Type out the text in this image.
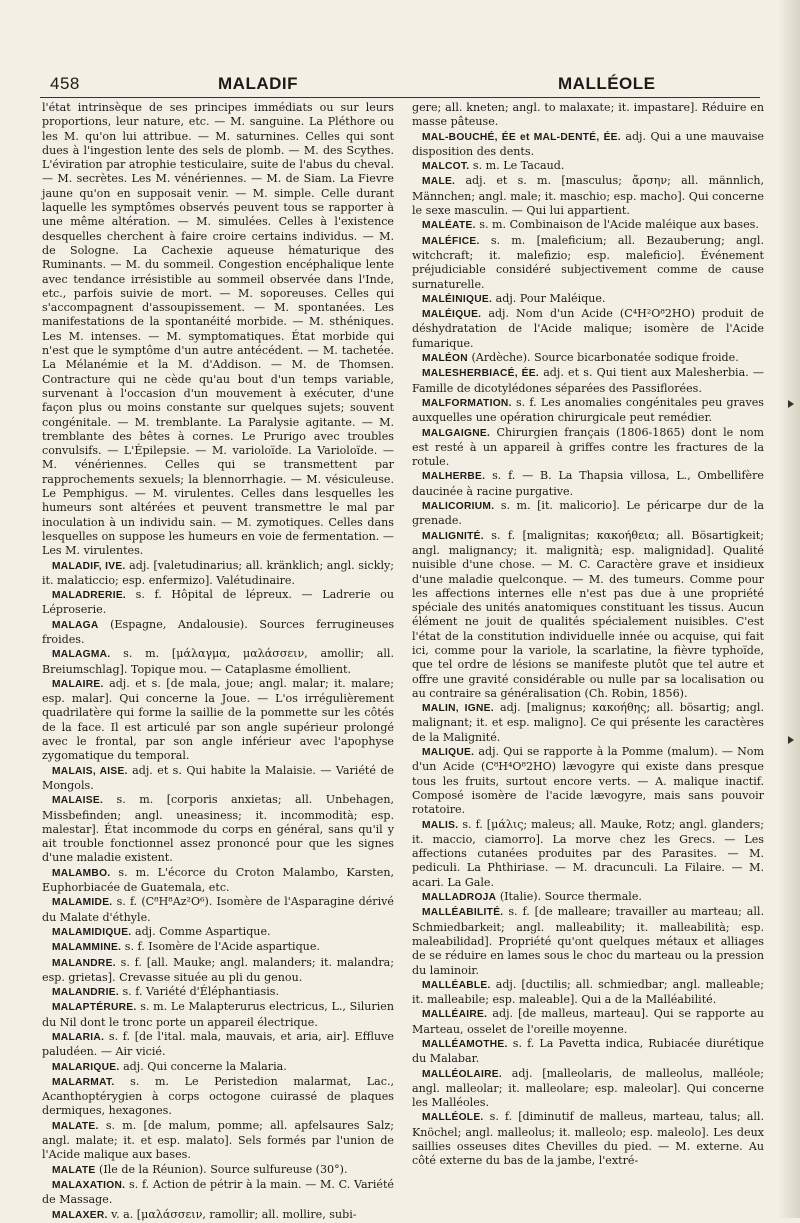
458	MALADIF	MALLÉOLE

l'état intrinsèque de ses principes immédiats ou sur leurs proportions, leur nature, etc. — M. sanguine. La Pléthore ou les M. qu'on lui attribue. — M. saturnines. Celles qui sont dues à l'ingestion lente des sels de plomb. — M. des Scythes. L'éviration par atrophie testiculaire, suite de l'abus du cheval. — M. secrètes. Les M. vénériennes. — M. de Siam. La Fievre jaune qu'on en supposait venir. — M. simple. Celle durant laquelle les symptômes observés peuvent tous se rapporter à une même altération. — M. simulées. Celles à l'existence desquelles cherchent à faire croire certains individus. — M. de Sologne. La Cachexie aqueuse hématurique des Ruminants. — M. du sommeil. Congestion encéphalique lente avec tendance irrésistible au sommeil observée dans l'Inde, etc., parfois suivie de mort. — M. soporeuses. Celles qui s'accompagnent d'assoupissement. — M. spontanées. Les manifestations de la spontanéité morbide. — M. sthéniques. Les M. intenses. — M. symptomatiques. État morbide qui n'est que le symptôme d'un autre antécédent. — M. tachetée. La Mélanémie et la M. d'Addison. — M. de Thomsen. Contracture qui ne cède qu'au bout d'un temps variable, survenant à l'occasion d'un mouvement à exécuter, d'une façon plus ou moins constante sur quelques sujets; souvent congénitale. — M. tremblante. La Paralysie agitante. — M. tremblante des bêtes à cornes. Le Prurigo avec troubles convulsifs. — L'Épilepsie. — M. varioloïde. La Varioloïde. — M. vénériennes. Celles qui se transmettent par rapprochements sexuels; la blennorrhagie. — M. vésiculeuse. Le Pemphigus. — M. virulentes. Celles dans lesquelles les humeurs sont altérées et peuvent transmettre le mal par inoculation à un individu sain. — M. zymotiques. Celles dans lesquelles on suppose les humeurs en voie de fermentation. — Les M. virulentes.

MALADIF, IVE. adj. [valetudinarius; all. kränklich; angl. sickly; it. malaticcio; esp. enfermizo]. Valétudinaire.

MALADRERIE. s. f. Hôpital de lépreux. — Ladrerie ou Léproserie.

MALAGA (Espagne, Andalousie). Sources ferrugineuses froides.

MALAGMA. s. m. [μάλαγμα, μαλάσσειν, amollir; all. Breiumschlag]. Topique mou. — Cataplasme émollient.

MALAIRE. adj. et s. [de mala, joue; angl. malar; it. malare; esp. malar]. Qui concerne la Joue. — L'os irrégulièrement quadrilatère qui forme la saillie de la pommette sur les côtés de la face. Il est articulé par son angle supérieur prolongé avec le frontal, par son angle inférieur avec l'apophyse zygomatique du temporal.

MALAIS, AISE. adj. et s. Qui habite la Malaisie. — Variété de Mongols.

MALAISE. s. m. [corporis anxietas; all. Unbehagen, Missbefinden; angl. uneasiness; it. incommodità; esp. malestar]. État incommode du corps en général, sans qu'il y ait trouble fonctionnel assez prononcé pour que les signes d'une maladie existent.

MALAMBO. s. m. L'écorce du Croton Malambo, Karsten, Euphorbiacée de Guatemala, etc.

MALAMIDE. s. f. (C⁸H⁸Az²O⁶). Isomère de l'Asparagine dérivé du Malate d'éthyle.

MALAMIDIQUE. adj. Comme Aspartique.

MALAMMINE. s. f. Isomère de l'Acide aspartique.

MALANDRE. s. f. [all. Mauke; angl. malanders; it. malandra; esp. grietas]. Crevasse située au pli du genou.

MALANDRIE. s. f. Variété d'Éléphantiasis.

MALAPTÉRURE. s. m. Le Malapterurus electricus, L., Silurien du Nil dont le tronc porte un appareil électrique.

MALARIA. s. f. [de l'ital. mala, mauvais, et aria, air]. Effluve paludéen. — Air vicié.

MALARIQUE. adj. Qui concerne la Malaria.

MALARMAT. s. m. Le Peristedion malarmat, Lac., Acanthoptérygien à corps octogone cuirassé de plaques dermiques, hexagones.

MALATE. s. m. [de malum, pomme; all. apfelsaures Salz; angl. malate; it. et esp. malato]. Sels formés par l'union de l'Acide malique aux bases.

MALATE (Ile de la Réunion). Source sulfureuse (30°).

MALAXATION. s. f. Action de pétrir à la main. — M. C. Variété de Massage.

MALAXER. v. a. [μαλάσσειν, ramollir; all. mollire, subi-

gere; all. kneten; angl. to malaxate; it. impastare]. Réduire en masse pâteuse.

MAL-BOUCHÉ, ÉE et MAL-DENTÉ, ÉE. adj. Qui a une mauvaise disposition des dents.

MALCOT. s. m. Le Tacaud.

MALE. adj. et s. m. [masculus; ἄρσην; all. männlich, Männchen; angl. male; it. maschio; esp. macho]. Qui concerne le sexe masculin. — Qui lui appartient.

MALÉATE. s. m. Combinaison de l'Acide maléique aux bases.

MALÉFICE. s. m. [maleficium; all. Bezauberung; angl. witchcraft; it. malefizio; esp. maleficio]. Événement préjudiciable considéré subjectivement comme de cause surnaturelle.

MALÉINIQUE. adj. Pour Maléique.

MALÉIQUE. adj. Nom d'un Acide (C⁴H²O⁸2HO) produit de déshydratation de l'Acide malique; isomère de l'Acide fumarique.

MALÉON (Ardèche). Source bicarbonatée sodique froide.

MALESHERBIACÉ, ÉE. adj. et s. Qui tient aux Malesherbia. — Famille de dicotylédones séparées des Passiflorées.

MALFORMATION. s. f. Les anomalies congénitales peu graves auxquelles une opération chirurgicale peut remédier.

MALGAIGNE. Chirurgien français (1806-1865) dont le nom est resté à un appareil à griffes contre les fractures de la rotule.

MALHERBE. s. f. — B. La Thapsia villosa, L., Ombellifère daucinée à racine purgative.

MALICORIUM. s. m. [it. malicorio]. Le péricarpe dur de la grenade.

MALIGNITÉ. s. f. [malignitas; κακοήθεια; all. Bösartigkeit; angl. malignancy; it. malignità; esp. malignidad]. Qualité nuisible d'une chose. — M. C. Caractère grave et insidieux d'une maladie quelconque. — M. des tumeurs. Comme pour les affections internes elle n'est pas due à une propriété spéciale des unités anatomiques constituant les tissus. Aucun élément ne jouit de qualités spécialement nuisibles. C'est l'état de la constitution individuelle innée ou acquise, qui fait ici, comme pour la variole, la scarlatine, la fièvre typhoïde, que tel ordre de lésions se manifeste plutôt que tel autre et offre une gravité considérable ou nulle par sa localisation ou au contraire sa généralisation (Ch. Robin, 1856).

MALIN, IGNE. adj. [malignus; κακοήθης; all. bösartig; angl. malignant; it. et esp. maligno]. Ce qui présente les caractères de la Malignité.

MALIQUE. adj. Qui se rapporte à la Pomme (malum). — Nom d'un Acide (C⁸H⁴O⁸2HO) lævogyre qui existe dans presque tous les fruits, surtout encore verts. — A. malique inactif. Composé isomère de l'acide lævogyre, mais sans pouvoir rotatoire.

MALIS. s. f. [μάλις; maleus; all. Mauke, Rotz; angl. glanders; it. maccio, ciamorro]. La morve chez les Grecs. — Les affections cutanées produites par des Parasites. — M. pediculi. La Phthiriase. — M. dracunculi. La Filaire. — M. acari. La Gale.

MALLADROJA (Italie). Source thermale.

MALLÉABILITÉ. s. f. [de malleare; travailler au marteau; all. Schmiedbarkeit; angl. malleability; it. malleabilità; esp. maleabilidad]. Propriété qu'ont quelques métaux et alliages de se réduire en lames sous le choc du marteau ou la pression du laminoir.

MALLÉABLE. adj. [ductilis; all. schmiedbar; angl. malleable; it. malleabile; esp. maleable]. Qui a de la Malléabilité.

MALLÉAIRE. adj. [de malleus, marteau]. Qui se rapporte au Marteau, osselet de l'oreille moyenne.

MALLÉAMOTHE. s. f. La Pavetta indica, Rubiacée diurétique du Malabar.

MALLÉOLAIRE. adj. [malleolaris, de malleolus, malléole; angl. malleolar; it. malleolare; esp. maleolar]. Qui concerne les Malléoles.

MALLÉOLE. s. f. [diminutif de malleus, marteau, talus; all. Knöchel; angl. malleolus; it. malleolo; esp. maleolo]. Les deux saillies osseuses dites Chevilles du pied. — M. externe. Au côté externe du bas de la jambe, l'extré-
